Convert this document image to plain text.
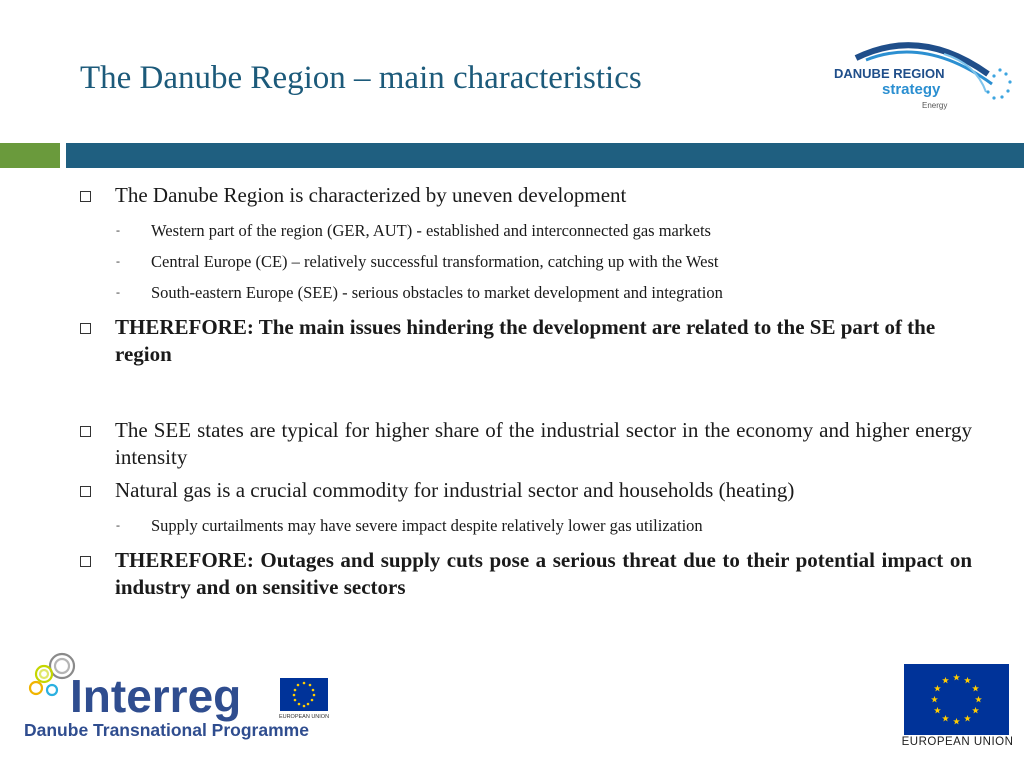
The Danube Region – main characteristics	DANUBE REGION
strategy
Energy

The Danube Region is characterized by uneven development

- Western part of the region (GER, AUT) - established and interconnected gas markets

- Central Europe (CE) – relatively successful transformation, catching up with the West

- South-eastern Europe (SEE) - serious obstacles to market development and integration

THEREFORE: The main issues hindering the development are related to the SE part of the region

The SEE states are typical for higher share of the industrial sector in the economy and higher energy intensity

Natural gas is a crucial commodity for industrial sector and households (heating)

- Supply curtailments may have severe impact despite relatively lower gas utilization

THEREFORE: Outages and supply cuts pose a serious threat due to their potential impact on industry and on sensitive sectors

Interreg	EUROPEAN UNION
Danube Transnational Programme
EUROPEAN UNION
